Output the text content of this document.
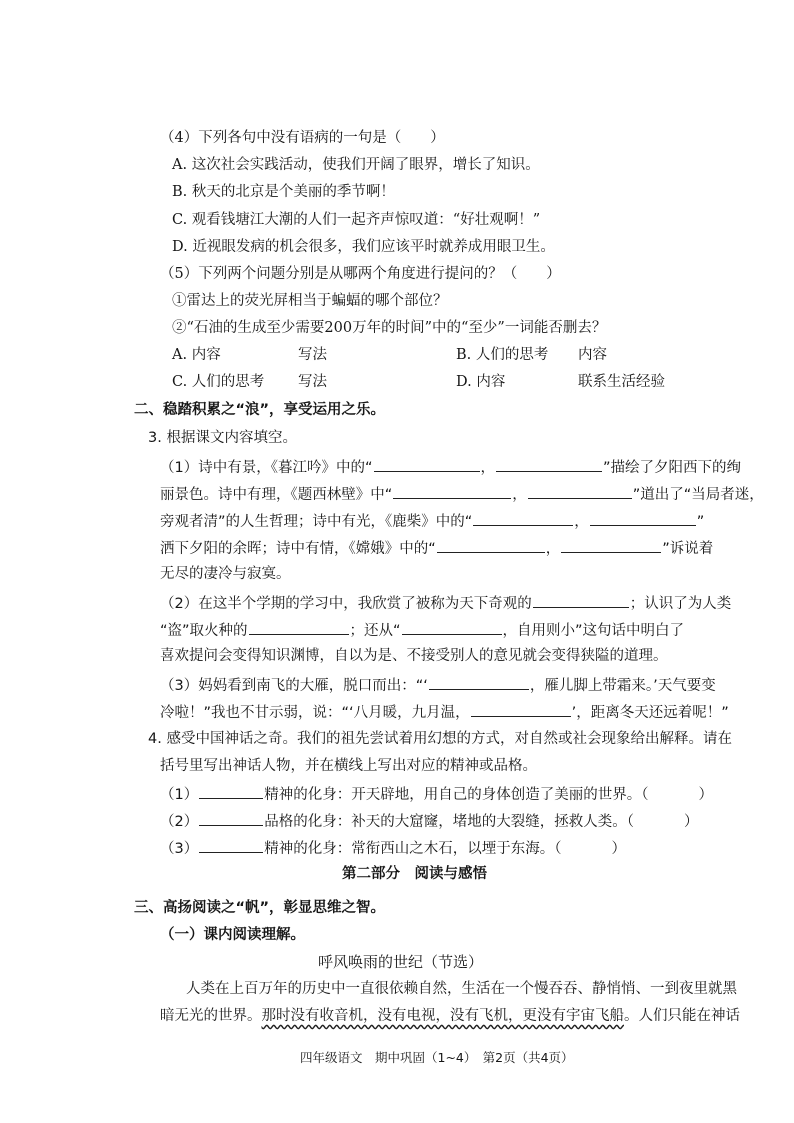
（4）下列各句中没有语病的一句是（　　）
A. 这次社会实践活动，使我们开阔了眼界，增长了知识。
B. 秋天的北京是个美丽的季节啊！
C. 观看钱塘江大潮的人们一起齐声惊叹道：“好壮观啊！”
D. 近视眼发病的机会很多，我们应该平时就养成用眼卫生。
（5）下列两个问题分别是从哪两个角度进行提问的？（　　）
①雷达上的荧光屏相当于蝙蝠的哪个部位？
②“石油的生成至少需要200万年的时间”中的“至少”一词能否删去？
A. 内容	写法	B. 人们的思考 内容
C. 人们的思考 写法	D. 内容	联系生活经验
二、稳踏积累之“浪”，享受运用之乐。
3. 根据课文内容填空。
（1）诗中有景，《暮江吟》中的“	，	”描绘了夕阳西下的绚
丽景色。诗中有理，《题西林壁》中“	，	”道出了“当局者迷，
旁观者清”的人生哲理；诗中有光，《鹿柴》中的“	，	”
洒下夕阳的余晖；诗中有情，《嫦娥》中的“	，	”诉说着
无尽的凄冷与寂寞。
（2）在这半个学期的学习中，我欣赏了被称为天下奇观的	；认识了为人类
“盗”取火种的	；还从“	，自用则小”这句话中明白了
喜欢提问会变得知识渊博，自以为是、不接受别人的意见就会变得狭隘的道理。
（3）妈妈看到南飞的大雁，脱口而出：“‘	，雁儿脚上带霜来。’天气要变
冷啦！”我也不甘示弱，说：“‘八月暖，九月温，	’，距离冬天还远着呢！”
4. 感受中国神话之奇。我们的祖先尝试着用幻想的方式，对自然或社会现象给出解释。请在
括号里写出神话人物，并在横线上写出对应的精神或品格。
（1）	精神的化身：开天辟地，用自己的身体创造了美丽的世界。（	）
（2）	品格的化身：补天的大窟窿，堵地的大裂缝，拯救人类。（	）
（3）	精神的化身：常衔西山之木石，以堙于东海。（	）
第二部分　阅读与感悟
三、高扬阅读之“帆”，彰显思维之智。
（一）课内阅读理解。
呼风唤雨的世纪（节选）
人类在上百万年的历史中一直很依赖自然，生活在一个慢吞吞、静悄悄、一到夜里就黑
暗无光的世界。那时没有收音机，没有电视，没有飞机，更没有宇宙飞船。人们只能在神话
四年级语文　期中巩固（1~4）　第2页（共4页）
